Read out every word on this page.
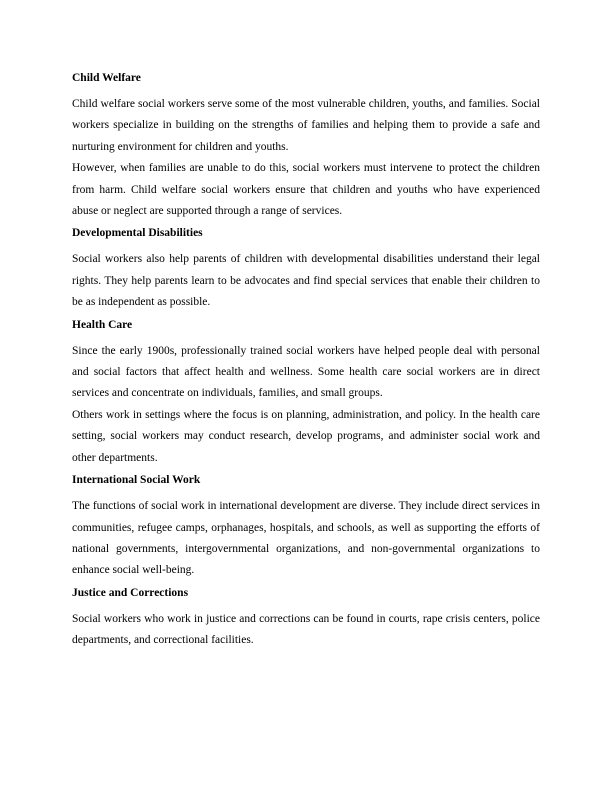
Child Welfare

Child welfare social workers serve some of the most vulnerable children, youths, and families. Social workers specialize in building on the strengths of families and helping them to provide a safe and nurturing environment for children and youths.

However, when families are unable to do this, social workers must intervene to protect the children from harm. Child welfare social workers ensure that children and youths who have experienced abuse or neglect are supported through a range of services.

Developmental Disabilities

Social workers also help parents of children with developmental disabilities understand their legal rights. They help parents learn to be advocates and find special services that enable their children to be as independent as possible.

Health Care

Since the early 1900s, professionally trained social workers have helped people deal with personal and social factors that affect health and wellness. Some health care social workers are in direct services and concentrate on individuals, families, and small groups.

Others work in settings where the focus is on planning, administration, and policy. In the health care setting, social workers may conduct research, develop programs, and administer social work and other departments.

International Social Work

The functions of social work in international development are diverse. They include direct services in communities, refugee camps, orphanages, hospitals, and schools, as well as supporting the efforts of national governments, intergovernmental organizations, and non-governmental organizations to enhance social well-being.

Justice and Corrections

Social workers who work in justice and corrections can be found in courts, rape crisis centers, police departments, and correctional facilities.
